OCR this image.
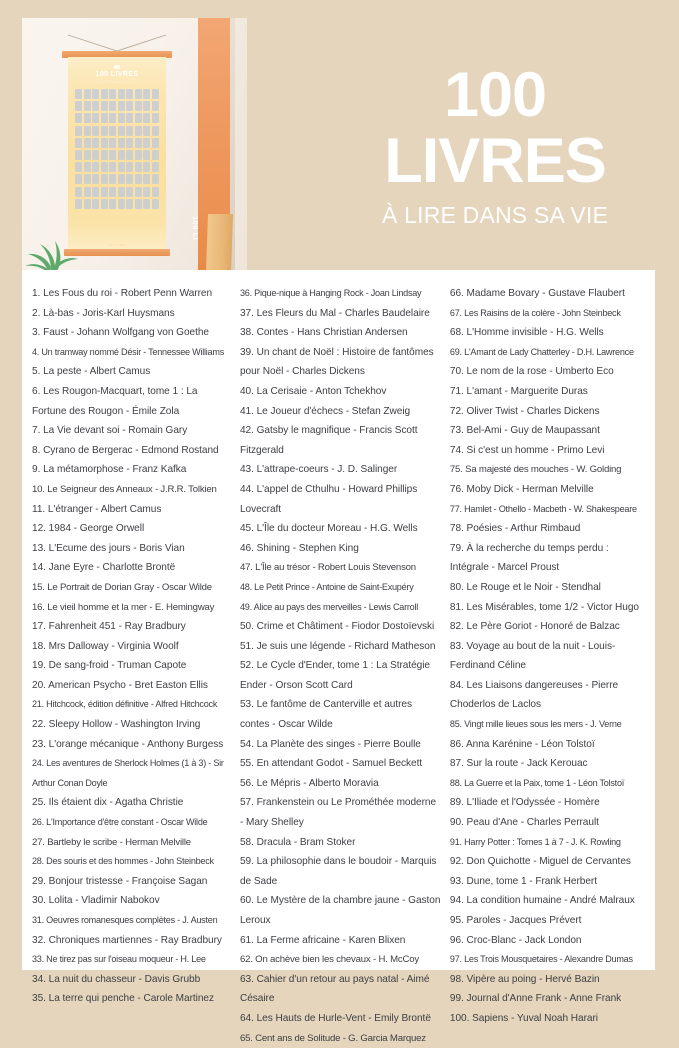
100 LI
100 LIVRES
À LIRE DANS SA VIE
100 LIVRES
100
LIVRES
À LIRE DANS SA VIE

1. Les Fous du roi - Robert Penn Warren

2. Là-bas - Joris-Karl Huysmans

3. Faust - Johann Wolfgang von Goethe

4. Un tramway nommé Désir - Tennessee Williams

5. La peste - Albert Camus

6. Les Rougon-Macquart, tome 1 : La Fortune des Rougon - Émile Zola

7. La Vie devant soi - Romain Gary

8. Cyrano de Bergerac - Edmond Rostand

9. La métamorphose - Franz Kafka

10. Le Seigneur des Anneaux - J.R.R. Tolkien

11. L'étranger - Albert Camus

12. 1984 - George Orwell

13. L'Ecume des jours - Boris Vian

14. Jane Eyre - Charlotte Brontë

15. Le Portrait de Dorian Gray - Oscar Wilde

16. Le vieil homme et la mer - E. Hemingway

17. Fahrenheit 451 - Ray Bradbury

18. Mrs Dalloway - Virginia Woolf

19. De sang-froid - Truman Capote

20. American Psycho - Bret Easton Ellis

21. Hitchcock, édition définitive - Alfred Hitchcock

22. Sleepy Hollow - Washington Irving

23. L'orange mécanique - Anthony Burgess

24. Les aventures de Sherlock Holmes (1 à 3) - Sir Arthur Conan Doyle

25. Ils étaient dix - Agatha Christie

26. L'Importance d'être constant - Oscar Wilde

27. Bartleby le scribe - Herman Melville

28. Des souris et des hommes - John Steinbeck

29. Bonjour tristesse - Françoise Sagan

30. Lolita - Vladimir Nabokov

31. Oeuvres romanesques complètes - J. Austen

32. Chroniques martiennes - Ray Bradbury

33. Ne tirez pas sur l'oiseau moqueur - H. Lee

34. La nuit du chasseur - Davis Grubb

35. La terre qui penche - Carole Martinez

36. Pique-nique à Hanging Rock - Joan Lindsay

37. Les Fleurs du Mal - Charles Baudelaire

38. Contes - Hans Christian Andersen

39. Un chant de Noël : Histoire de fantômes pour Noël - Charles Dickens

40. La Cerisaie - Anton Tchekhov

41. Le Joueur d'échecs - Stefan Zweig

42. Gatsby le magnifique - Francis Scott Fitzgerald

43. L'attrape-coeurs - J. D. Salinger

44. L'appel de Cthulhu - Howard Phillips Lovecraft

45. L'Île du docteur Moreau - H.G. Wells

46. Shining - Stephen King

47. L'Île au trésor - Robert Louis Stevenson

48. Le Petit Prince - Antoine de Saint-Exupéry

49. Alice au pays des merveilles - Lewis Carroll

50. Crime et Châtiment - Fiodor Dostoïevski

51. Je suis une légende - Richard Matheson

52. Le Cycle d'Ender, tome 1 : La Stratégie Ender - Orson Scott Card

53. Le fantôme de Canterville et autres contes - Oscar Wilde

54. La Planète des singes - Pierre Boulle

55. En attendant Godot - Samuel Beckett

56. Le Mépris - Alberto Moravia

57. Frankenstein ou Le Prométhée moderne - Mary Shelley

58. Dracula - Bram Stoker

59. La philosophie dans le boudoir - Marquis de Sade

60. Le Mystère de la chambre jaune - Gaston Leroux

61. La Ferme africaine - Karen Blixen

62. On achève bien les chevaux - H. McCoy

63. Cahier d'un retour au pays natal - Aimé Césaire

64. Les Hauts de Hurle-Vent - Emily Brontë

65. Cent ans de Solitude - G. Garcia Marquez

66. Madame Bovary - Gustave Flaubert

67. Les Raisins de la colère - John Steinbeck

68. L'Homme invisible - H.G. Wells

69. L'Amant de Lady Chatterley - D.H. Lawrence

70. Le nom de la rose - Umberto Eco

71. L'amant - Marguerite Duras

72. Oliver Twist - Charles Dickens

73. Bel-Ami - Guy de Maupassant

74. Si c'est un homme - Primo Levi

75. Sa majesté des mouches - W. Golding

76. Moby Dick - Herman Melville

77. Hamlet - Othello - Macbeth - W. Shakespeare

78. Poésies - Arthur Rimbaud

79. À la recherche du temps perdu : Intégrale - Marcel Proust

80. Le Rouge et le Noir - Stendhal

81. Les Misérables, tome 1/2 - Victor Hugo

82. Le Père Goriot - Honoré de Balzac

83. Voyage au bout de la nuit - Louis-Ferdinand Céline

84. Les Liaisons dangereuses - Pierre Choderlos de Laclos

85. Vingt mille lieues sous les mers - J. Verne

86. Anna Karénine - Léon Tolstoï

87. Sur la route - Jack Kerouac

88. La Guerre et la Paix, tome 1 - Léon Tolstoï

89. L'Iliade et l'Odyssée - Homère

90. Peau d'Ane - Charles Perrault

91. Harry Potter : Tomes 1 à 7 - J. K. Rowling

92. Don Quichotte - Miguel de Cervantes

93. Dune, tome 1 - Frank Herbert

94. La condition humaine - André Malraux

95. Paroles - Jacques Prévert

96. Croc-Blanc - Jack London

97. Les Trois Mousquetaires - Alexandre Dumas

98. Vipère au poing - Hervé Bazin

99. Journal d'Anne Frank - Anne Frank

100. Sapiens - Yuval Noah Harari
